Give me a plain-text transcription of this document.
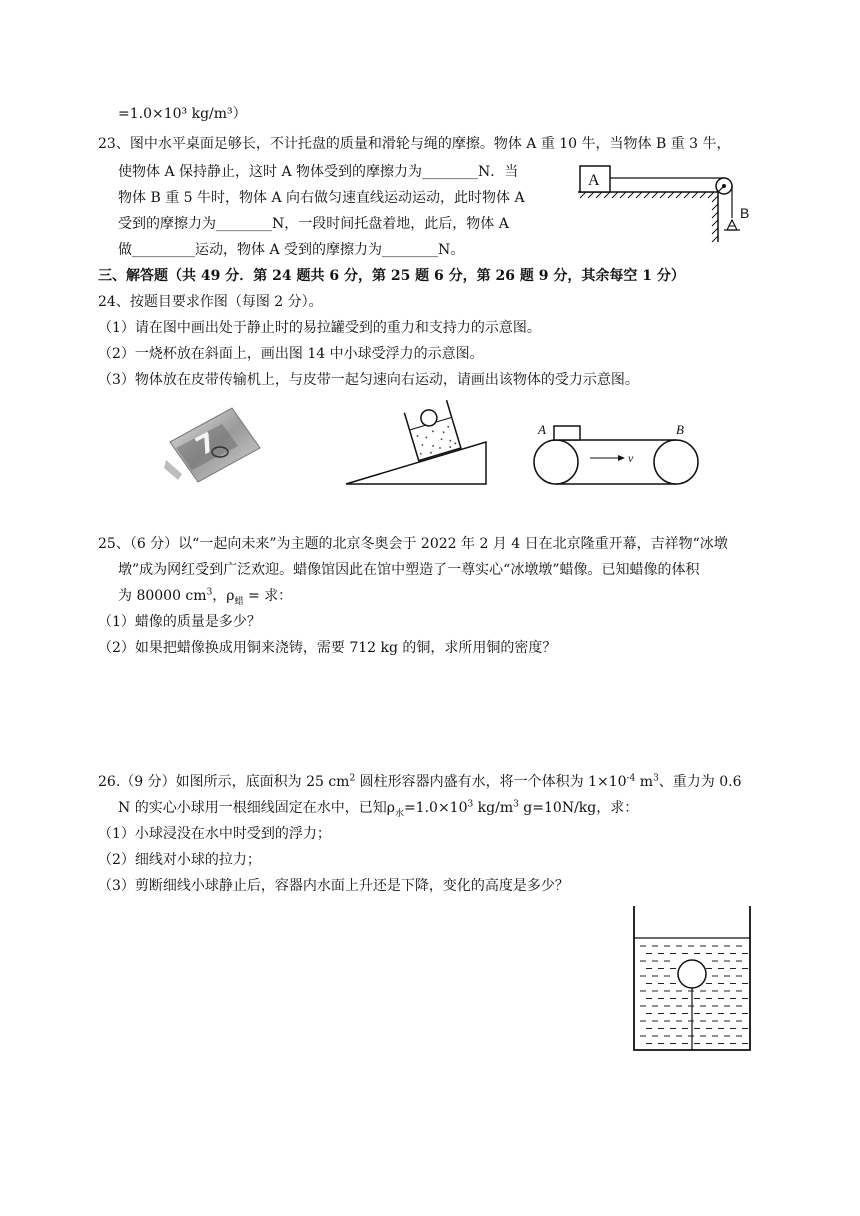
=1.0×10³ kg/m³）
23、图中水平桌面足够长，不计托盘的质量和滑轮与绳的摩擦。物体 A 重 10 牛，当物体 B 重 3 牛，
使物体 A 保持静止，这时 A 物体受到的摩擦力为________N．当
物体 B 重 5 牛时，物体 A 向右做匀速直线运动运动，此时物体 A
受到的摩擦力为________N，一段时间托盘着地，此后，物体 A
做_________运动，物体 A 受到的摩擦力为________N。
A
B
三、解答题（共 49 分．第 24 题共 6 分，第 25 题 6 分，第 26 题 9 分，其余每空 1 分）
24、按题目要求作图（每图 2 分）。
（1）请在图中画出处于静止时的易拉罐受到的重力和支持力的示意图。
（2）一烧杯放在斜面上，画出图 14 中小球受浮力的示意图。
（3）物体放在皮带传输机上，与皮带一起匀速向右运动，请画出该物体的受力示意图。
7	A	B
v
25、（6 分）以“一起向未来”为主题的北京冬奥会于 2022 年 2 月 4 日在北京隆重开幕，吉祥物“冰墩
墩”成为网红受到广泛欢迎。蜡像馆因此在馆中塑造了一尊实心“冰墩墩”蜡像。已知蜡像的体积
为 80000 $cm^3$，$\rho_蜡$ = 求：
（1）蜡像的质量是多少？
（2）如果把蜡像换成用铜来浇铸，需要 712 kg 的铜，求所用铜的密度？
26.（9 分）如图所示，底面积为 25 $cm^2$ 圆柱形容器内盛有水，将一个体积为 $1\times 10^{-4}$ $m^3$、重力为 0.6
N 的实心小球用一根细线固定在水中，已知$\rho_水=1.0\times 10^3$ $kg/m^3$ g=10N/kg，求：
（1）小球浸没在水中时受到的浮力；
（2）细线对小球的拉力；
（3）剪断细线小球静止后，容器内水面上升还是下降，变化的高度是多少？
